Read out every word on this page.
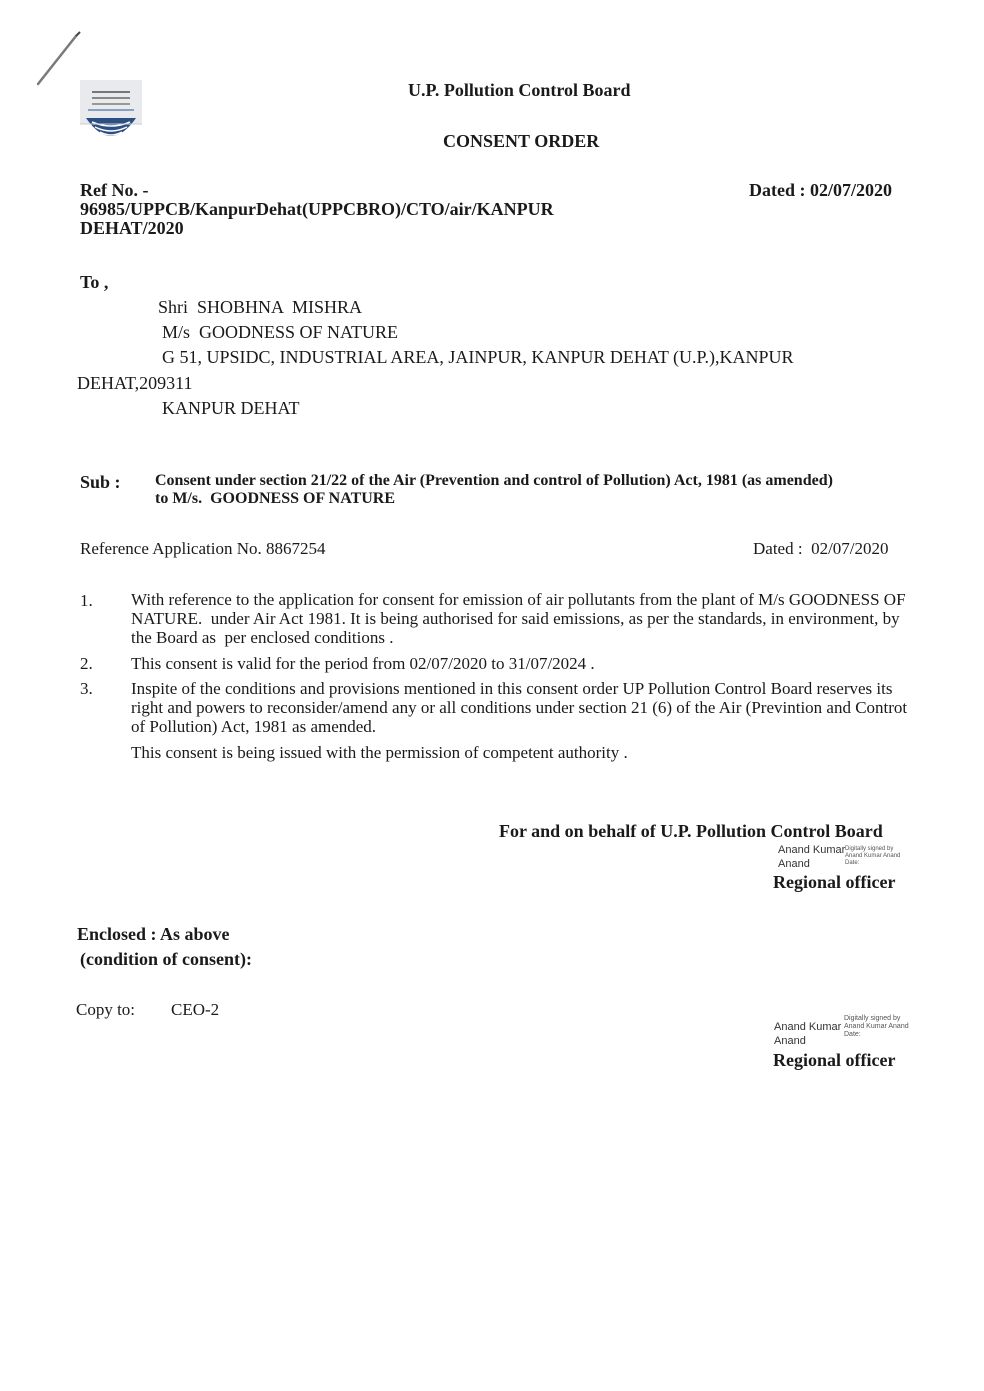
U.P. Pollution Control Board
CONSENT ORDER
Ref No. -
96985/UPPCB/KanpurDehat(UPPCBRO)/CTO/air/KANPUR
DEHAT/2020
Dated : 02/07/2020
To ,
Shri  SHOBHNA  MISHRA
M/s  GOODNESS OF NATURE
G 51, UPSIDC, INDUSTRIAL AREA, JAINPUR, KANPUR DEHAT (U.P.),KANPUR
DEHAT,209311
KANPUR DEHAT
Sub : Consent under section 21/22 of the Air (Prevention and control of Pollution) Act, 1981 (as amended)
to M/s.  GOODNESS OF NATURE
Reference Application No. 8867254	Dated :  02/07/2020
1. With reference to the application for consent for emission of air pollutants from the plant of M/s GOODNESS OF NATURE.  under Air Act 1981. It is being authorised for said emissions, as per the standards, in environment, by the Board as  per enclosed conditions .
2. This consent is valid for the period from 02/07/2020 to 31/07/2024 .
3. Inspite of the conditions and provisions mentioned in this consent order UP Pollution Control Board reserves its right and powers to reconsider/amend any or all conditions under section 21 (6) of the Air (Previntion and Controt of Pollution) Act, 1981 as amended.
This consent is being issued with the permission of competent authority .
For and on behalf of U.P. Pollution Control Board
Anand Kumar
Anand
Digitally signed by Anand Kumar Anand
Date:
Regional officer
Enclosed : As above
(condition of consent):
Copy to: CEO-2	Digitally signed by
Anand Kumar Anand
Date:
Anand Kumar
Anand
Regional officer
